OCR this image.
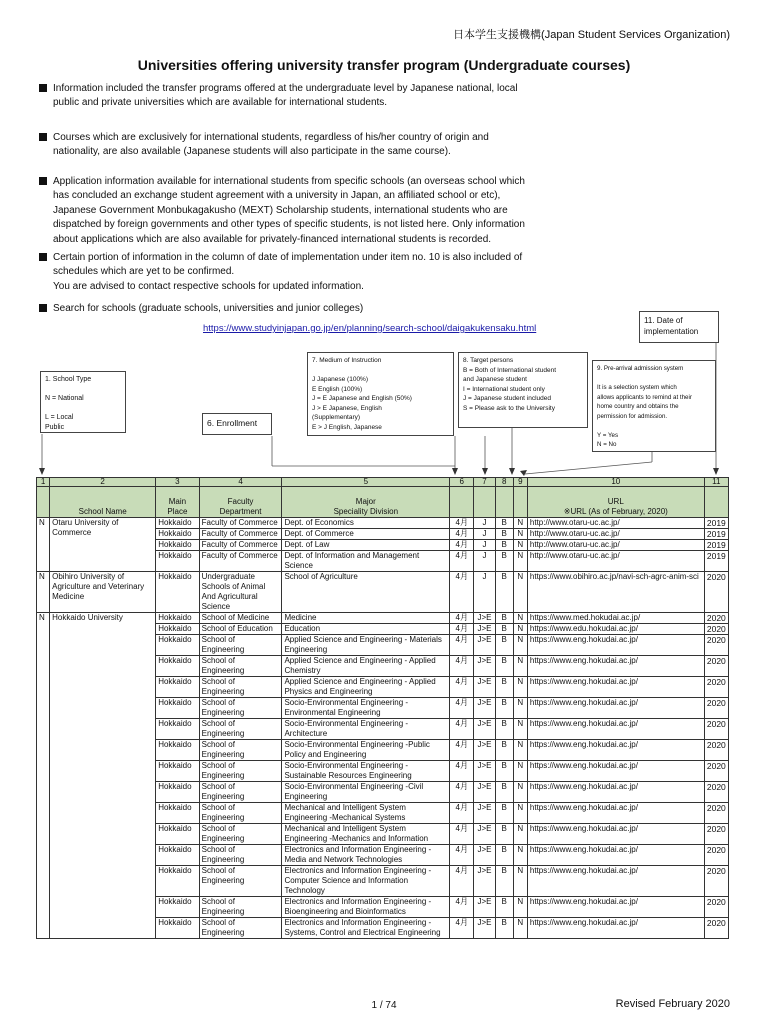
日本学生支援機構(Japan Student Services Organization)
Universities offering university transfer program (Undergraduate courses)
Information included the transfer programs offered at the undergraduate level by Japanese national, local
public and private universities which are available for international students.
Courses which are exclusively for international students, regardless of his/her country of origin and
nationality, are also available (Japanese students will also participate in the same course).
Application information available for international students from specific schools (an overseas school which
has concluded an exchange student agreement with a university in Japan, an affiliated school or etc),
Japanese Government Monbukagakusho (MEXT) Scholarship students, international students who are
dispatched by foreign governments and other types of specific students, is not listed here. Only information
about applications which are also available for privately-financed international students is recorded.
Certain portion of information in the column of date of implementation under item no. 10 is also included of
schedules which are yet to be confirmed.
You are advised to contact respective schools for updated information.
Search for schools (graduate schools, universities and junior colleges)
https://www.studyinjapan.go.jp/en/planning/search-school/daigakukensaku.html
1. School Type

N = National

L = Local
Public	6. Enrollment
7. Medium of Instruction

J Japanese (100%)
E English (100%)
J = E Japanese and English (50%)
J > E Japanese, English
(Supplementary)
E > J English, Japanese
8. Target persons
B = Both of International student
and Japanese student
I = International student only
J = Japanese student included
S = Please ask to the University
9. Pre-arrival admission system

It is a selection system which
allows applicants to remind at their
home country and obtains the
permission for admission.

Y = Yes
N = No
11. Date of
implementation
1	2	3	4	5	6	7	8	9	10	11
	School Name	Main
Place	Faculty
Department	Major
Speciality Division					URL
※URL (As of February, 2020)	
N	Otaru University of Commerce	Hokkaido	Faculty of Commerce	Dept. of Economics	4月	J	B	N	http://www.otaru-uc.ac.jp/	2019
		Hokkaido	Faculty of Commerce	Dept. of Commerce	4月	J	B	N	http://www.otaru-uc.ac.jp/	2019
		Hokkaido	Faculty of Commerce	Dept. of Law	4月	J	B	N	http://www.otaru-uc.ac.jp/	2019
		Hokkaido	Faculty of Commerce	Dept. of Information and Management Science	4月	J	B	N	http://www.otaru-uc.ac.jp/	2019
N	Obihiro University of Agriculture and Veterinary Medicine	Hokkaido	Undergraduate Schools of Animal And Agricultural Science	School of Agriculture	4月	J	B	N	https://www.obihiro.ac.jp/navi-sch-agrc-anim-sci	2020
N	Hokkaido University	Hokkaido	School of Medicine	Medicine	4月	J>E	B	N	https://www.med.hokudai.ac.jp/	2020
		Hokkaido	School of Education	Education	4月	J>E	B	N	https://www.edu.hokudai.ac.jp/	2020
		Hokkaido	School of Engineering	Applied Science and Engineering - Materials Engineering	4月	J>E	B	N	https://www.eng.hokudai.ac.jp/	2020
		Hokkaido	School of Engineering	Applied Science and Engineering - Applied Chemistry	4月	J>E	B	N	https://www.eng.hokudai.ac.jp/	2020
		Hokkaido	School of Engineering	Applied Science and Engineering - Applied Physics and Engineering	4月	J>E	B	N	https://www.eng.hokudai.ac.jp/	2020
		Hokkaido	School of Engineering	Socio-Environmental Engineering - Environmental Engineering	4月	J>E	B	N	https://www.eng.hokudai.ac.jp/	2020
		Hokkaido	School of Engineering	Socio-Environmental Engineering - Architecture	4月	J>E	B	N	https://www.eng.hokudai.ac.jp/	2020
		Hokkaido	School of Engineering	Socio-Environmental Engineering -Public Policy and Engineering	4月	J>E	B	N	https://www.eng.hokudai.ac.jp/	2020
		Hokkaido	School of Engineering	Socio-Environmental Engineering - Sustainable Resources Engineering	4月	J>E	B	N	https://www.eng.hokudai.ac.jp/	2020
		Hokkaido	School of Engineering	Socio-Environmental Engineering -Civil Engineering	4月	J>E	B	N	https://www.eng.hokudai.ac.jp/	2020
		Hokkaido	School of Engineering	Mechanical and Intelligent System Engineering -Mechanical Systems	4月	J>E	B	N	https://www.eng.hokudai.ac.jp/	2020
		Hokkaido	School of Engineering	Mechanical and Intelligent System Engineering -Mechanics and Information	4月	J>E	B	N	https://www.eng.hokudai.ac.jp/	2020
		Hokkaido	School of Engineering	Electronics and Information Engineering -Media and Network Technologies	4月	J>E	B	N	https://www.eng.hokudai.ac.jp/	2020
		Hokkaido	School of Engineering	Electronics and Information Engineering -Computer Science and Information Technology	4月	J>E	B	N	https://www.eng.hokudai.ac.jp/	2020
		Hokkaido	School of Engineering	Electronics and Information Engineering -Bioengineering and Bioinformatics	4月	J>E	B	N	https://www.eng.hokudai.ac.jp/	2020
		Hokkaido	School of Engineering	Electronics and Information Engineering -Systems, Control and Electrical Engineering	4月	J>E	B	N	https://www.eng.hokudai.ac.jp/	2020
1 / 74	Revised February 2020
